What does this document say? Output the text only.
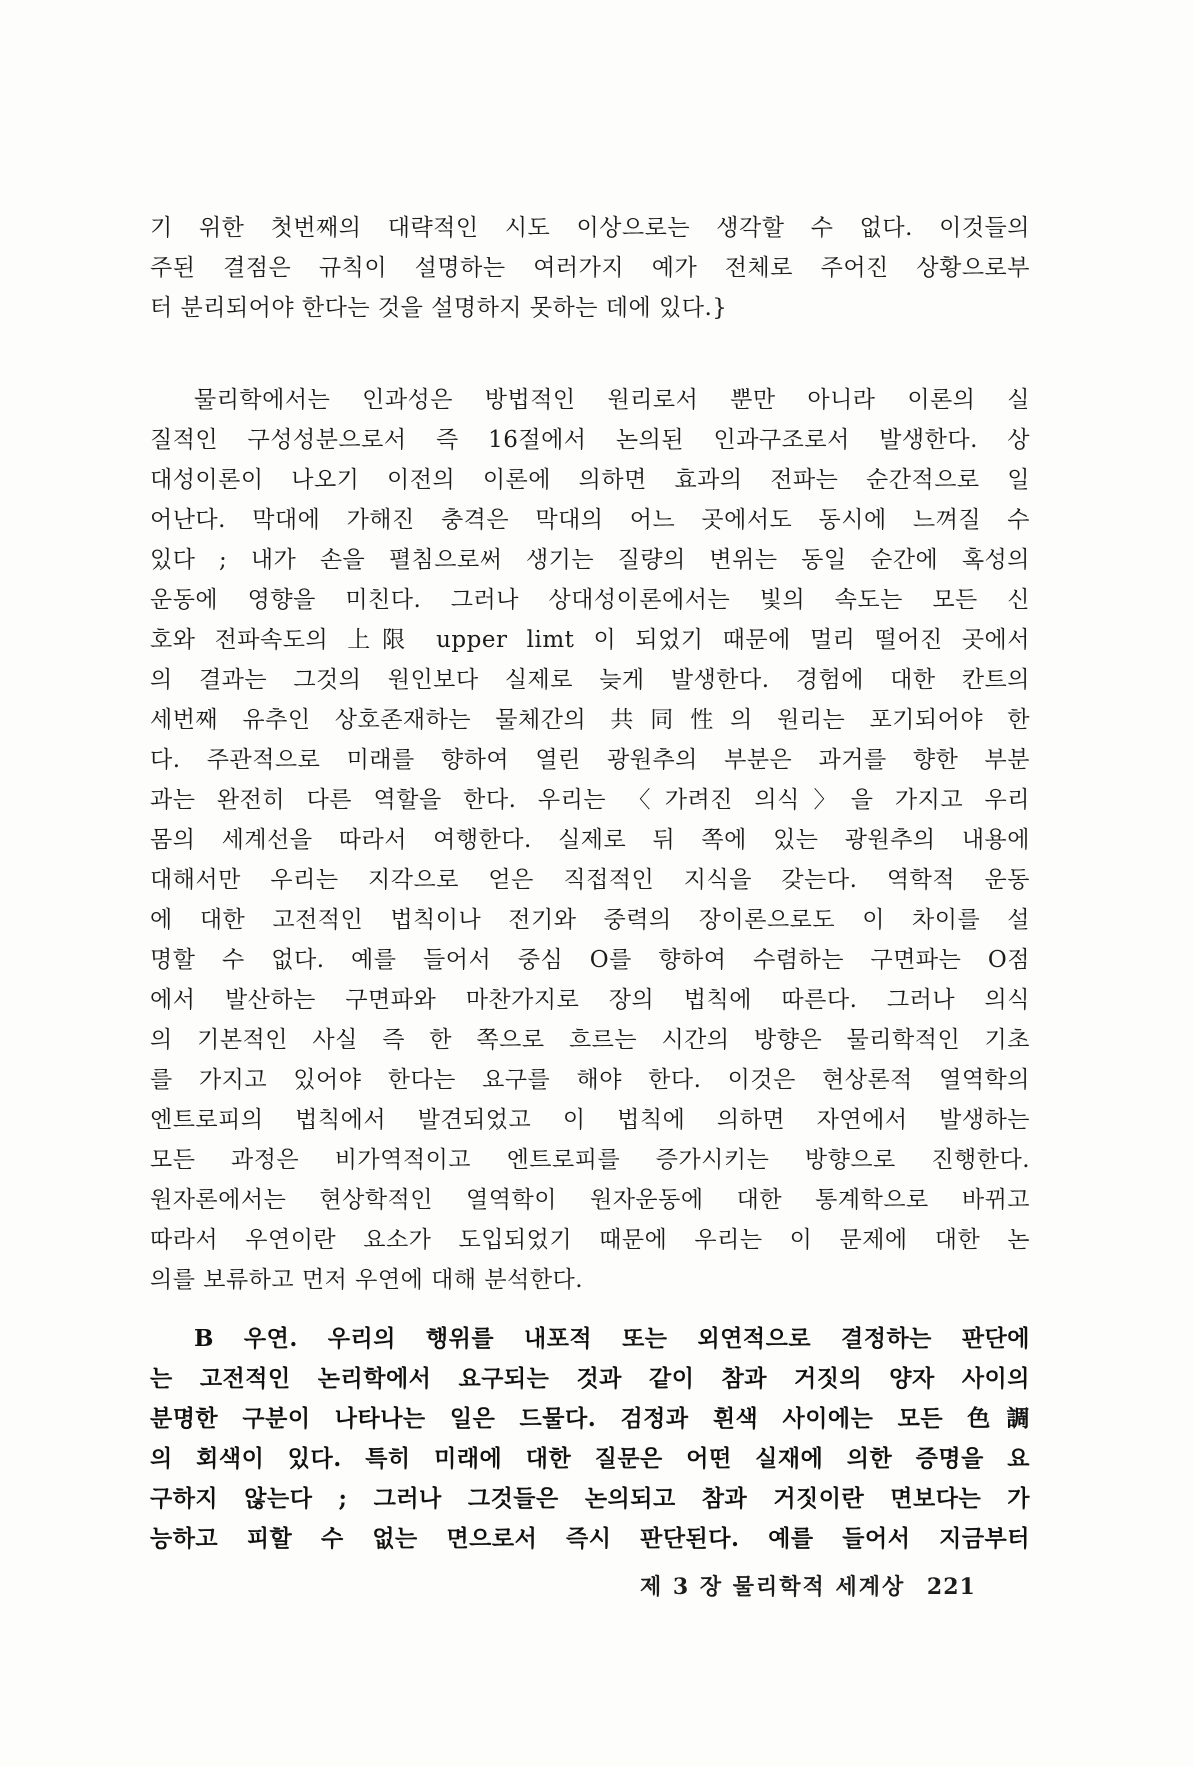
기 위한 첫번째의 대략적인 시도 이상으로는 생각할 수 없다. 이것들의
주된 결점은 규칙이 설명하는 여러가지 예가 전체로 주어진 상황으로부
터 분리되어야 한다는 것을 설명하지 못하는 데에 있다.}
물리학에서는 인과성은 방법적인 원리로서 뿐만 아니라 이론의 실
질적인 구성성분으로서 즉 16절에서 논의된 인과구조로서 발생한다. 상
대성이론이 나오기 이전의 이론에 의하면 효과의 전파는 순간적으로 일
어난다. 막대에 가해진 충격은 막대의 어느 곳에서도 동시에 느껴질 수
있다 ; 내가 손을 펼침으로써 생기는 질량의 변위는 동일 순간에 혹성의
운동에 영향을 미친다. 그러나 상대성이론에서는 빛의 속도는 모든 신
호와 전파속도의 上限 upper limt 이 되었기 때문에 멀리 떨어진 곳에서
의 결과는 그것의 원인보다 실제로 늦게 발생한다. 경험에 대한 칸트의
세번째 유추인 상호존재하는 물체간의 共同性의 원리는 포기되어야 한
다. 주관적으로 미래를 향하여 열린 광원추의 부분은 과거를 향한 부분
과는 완전히 다른 역할을 한다. 우리는 〈가려진 의식〉을 가지고 우리
몸의 세계선을 따라서 여행한다. 실제로 뒤 쪽에 있는 광원추의 내용에
대해서만 우리는 지각으로 얻은 직접적인 지식을 갖는다. 역학적 운동
에 대한 고전적인 법칙이나 전기와 중력의 장이론으로도 이 차이를 설
명할 수 없다. 예를 들어서 중심 O를 향하여 수렴하는 구면파는 O점
에서 발산하는 구면파와 마찬가지로 장의 법칙에 따른다. 그러나 의식
의 기본적인 사실 즉 한 쪽으로 흐르는 시간의 방향은 물리학적인 기초
를 가지고 있어야 한다는 요구를 해야 한다. 이것은 현상론적 열역학의
엔트로피의 법칙에서 발견되었고 이 법칙에 의하면 자연에서 발생하는
모든 과정은 비가역적이고 엔트로피를 증가시키는 방향으로 진행한다.
원자론에서는 현상학적인 열역학이 원자운동에 대한 통계학으로 바뀌고
따라서 우연이란 요소가 도입되었기 때문에 우리는 이 문제에 대한 논
의를 보류하고 먼저 우연에 대해 분석한다.
B 우연. 우리의 행위를 내포적 또는 외연적으로 결정하는 판단에
는 고전적인 논리학에서 요구되는 것과 같이 참과 거짓의 양자 사이의
분명한 구분이 나타나는 일은 드물다. 검정과 흰색 사이에는 모든 色調
의 회색이 있다. 특히 미래에 대한 질문은 어떤 실재에 의한 증명을 요
구하지 않는다 ; 그러나 그것들은 논의되고 참과 거짓이란 면보다는 가
능하고 피할 수 없는 면으로서 즉시 판단된다. 예를 들어서 지금부터
제 3 장 물리학적 세계상 221
